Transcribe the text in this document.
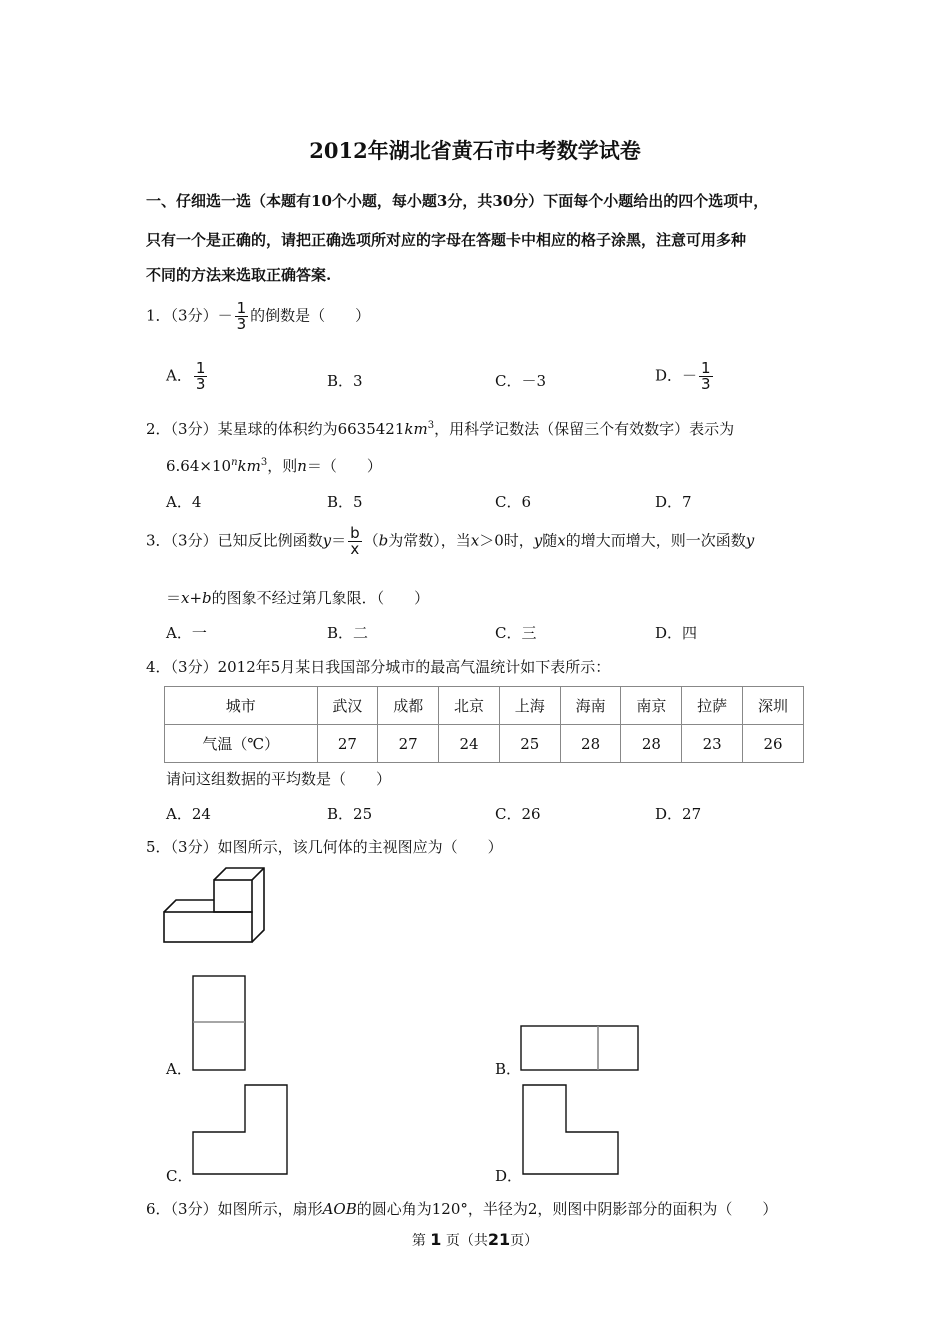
2012年湖北省黄石市中考数学试卷
一、仔细选一选（本题有10个小题，每小题3分，共30分）下面每个小题给出的四个选项中，
只有一个是正确的，请把正确选项所对应的字母在答题卡中相应的格子涂黑，注意可用多种
不同的方法来选取正确答案.
1．（3分）－ $\frac{1}{3}$ 的倒数是（　　）
A． $\frac{1}{3}$	B．3	C．－3	D．－ $\frac{1}{3}$
2．（3分）某星球的体积约为$6635421km^3$，用科学记数法（保留三个有效数字）表示为
$6.64\times 10^nkm^3$，则n＝（　　）
A．4	B．5	C．6	D．7
3．（3分）已知反比例函数$y= \frac{b}{x} (b$为常数），当x＞0时，y随x的增大而增大，则一次函数y
＝x+b的图象不经过第几象限．（　　）
A．一	B．二	C．三	D．四
4．（3分）2012年5月某日我国部分城市的最高气温统计如下表所示：
城市	武汉	成都	北京	上海	海南	南京	拉萨	深圳
气温（℃）	27	27	24	25	28	28	23	26
请问这组数据的平均数是（　　）
A．24	B．25	C．26	D．27
5．（3分）如图所示，该几何体的主视图应为（　　）
A．	B．
C．	D．
6．（3分）如图所示，扇形AOB的圆心角为120°，半径为2，则图中阴影部分的面积为（　　）
第 1 页（共21页）
